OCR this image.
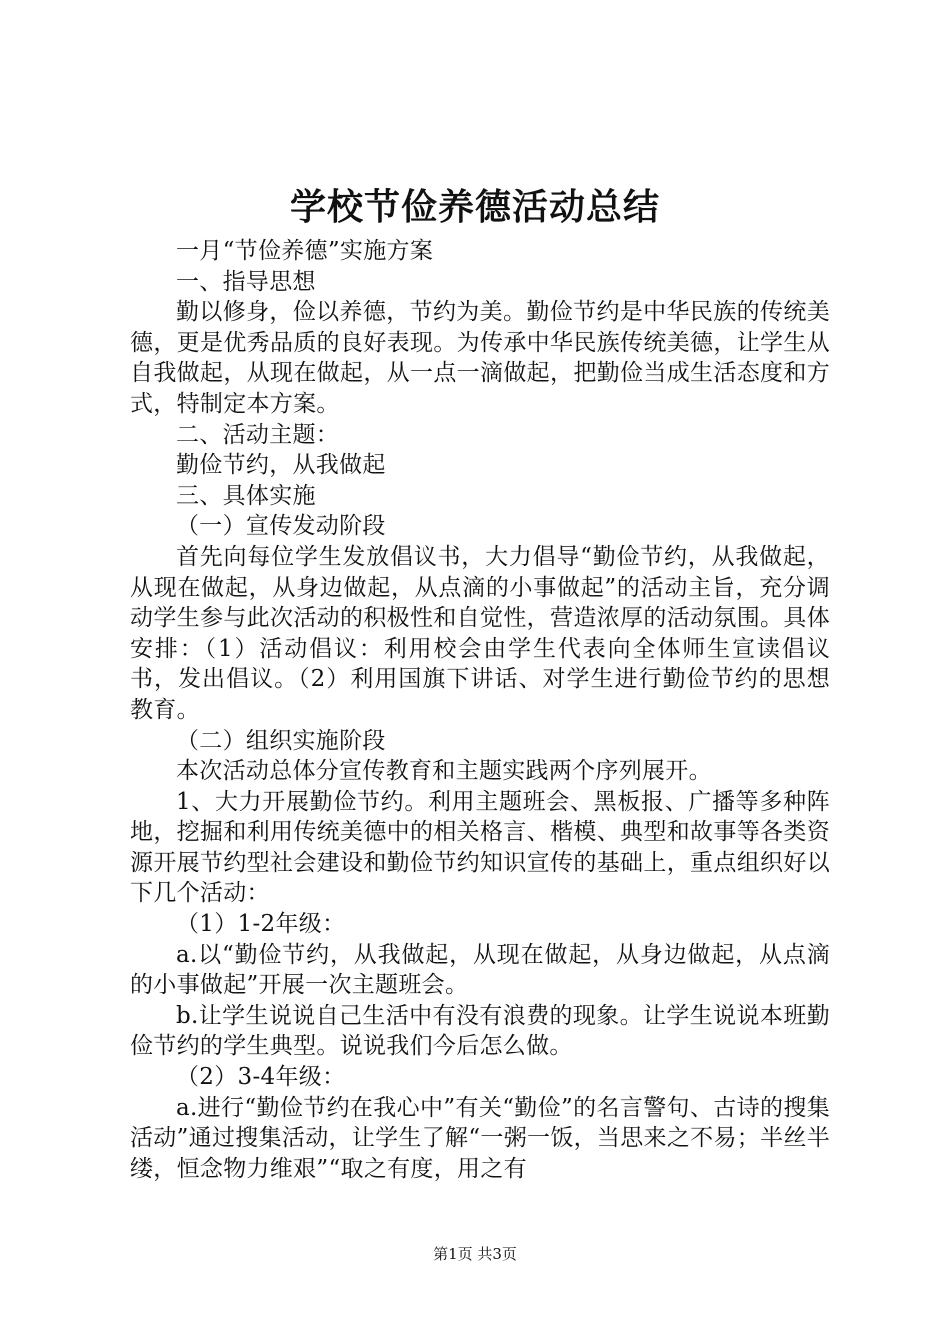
学校节俭养德活动总结

一月“节俭养德”实施方案

一、指导思想

勤以修身，俭以养德，节约为美。勤俭节约是中华民族的传统美德，更是优秀品质的良好表现。为传承中华民族传统美德，让学生从自我做起，从现在做起，从一点一滴做起，把勤俭当成生活态度和方式，特制定本方案。

二、活动主题：

勤俭节约，从我做起

三、具体实施

（一）宣传发动阶段

首先向每位学生发放倡议书，大力倡导“勤俭节约，从我做起，从现在做起，从身边做起，从点滴的小事做起”的活动主旨，充分调动学生参与此次活动的积极性和自觉性，营造浓厚的活动氛围。具体安排：（1）活动倡议：利用校会由学生代表向全体师生宣读倡议书，发出倡议。（2）利用国旗下讲话、对学生进行勤俭节约的思想教育。

（二）组织实施阶段

本次活动总体分宣传教育和主题实践两个序列展开。

1、大力开展勤俭节约。利用主题班会、黑板报、广播等多种阵地，挖掘和利用传统美德中的相关格言、楷模、典型和故事等各类资源开展节约型社会建设和勤俭节约知识宣传的基础上，重点组织好以下几个活动：

（1）1-2年级：

a.以“勤俭节约，从我做起，从现在做起，从身边做起，从点滴的小事做起”开展一次主题班会。

b.让学生说说自己生活中有没有浪费的现象。让学生说说本班勤俭节约的学生典型。说说我们今后怎么做。

（2）3-4年级：

a.进行“勤俭节约在我心中”有关“勤俭”的名言警句、古诗的搜集活动”通过搜集活动，让学生了解“一粥一饭，当思来之不易；半丝半缕，恒念物力维艰”“取之有度，用之有

第1页 共3页
